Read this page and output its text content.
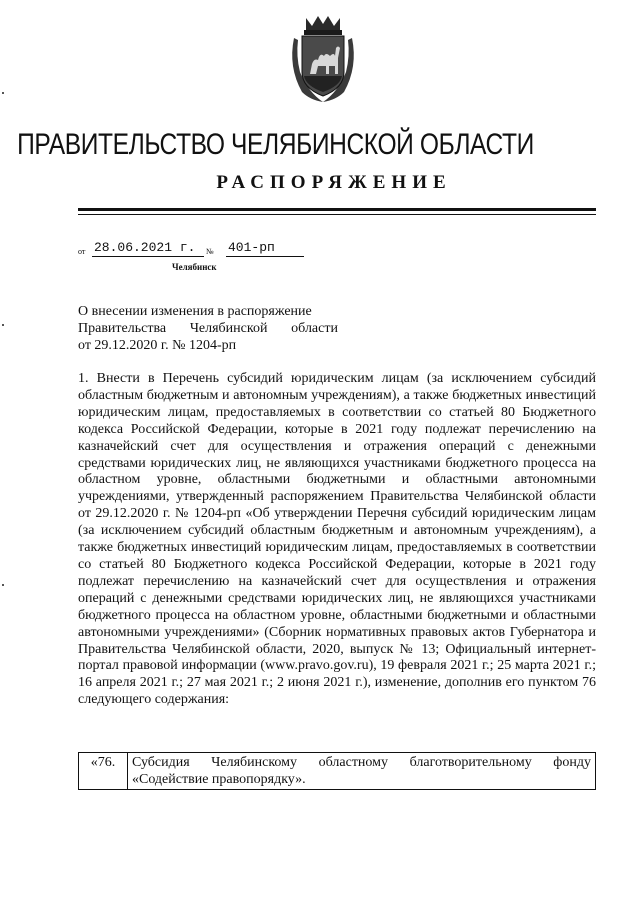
ПРАВИТЕЛЬСТВО ЧЕЛЯБИНСКОЙ ОБЛАСТИ
РАСПОРЯЖЕНИЕ
от 28.06.2021 г.	№ 401-рп
Челябинск
О внесении изменения в распоряжение
Правительства Челябинской области
от 29.12.2020 г. № 1204-рп
1. Внести в Перечень субсидий юридическим лицам (за исключением субсидий областным бюджетным и автономным учреждениям), а также бюджетных инвестиций юридическим лицам, предоставляемых в соответствии со статьей 80 Бюджетного кодекса Российской Федерации, которые в 2021 году подлежат перечислению на казначейский счет для осуществления и отражения операций с денежными средствами юридических лиц, не являющихся участниками бюджетного процесса на областном уровне, областными бюджетными и областными автономными учреждениями, утвержденный распоряжением Правительства Челябинской области от 29.12.2020 г. № 1204-рп «Об утверждении Перечня субсидий юридическим лицам (за исключением субсидий областным бюджетным и автономным учреждениям), а также бюджетных инвестиций юридическим лицам, предоставляемых в соответствии со статьей 80 Бюджетного кодекса Российской Федерации, которые в 2021 году подлежат перечислению на казначейский счет для осуществления и отражения операций с денежными средствами юридических лиц, не являющихся участниками бюджетного процесса на областном уровне, областными бюджетными и областными автономными учреждениями» (Сборник нормативных правовых актов Губернатора и Правительства Челябинской области, 2020, выпуск № 13; Официальный интернет-портал правовой информации (www.pravo.gov.ru), 19 февраля 2021 г.; 25 марта 2021 г.; 16 апреля 2021 г.; 27 мая 2021 г.; 2 июня 2021 г.), изменение, дополнив его пунктом 76 следующего содержания:
«76.	Субсидия Челябинскому областному благотворительному фонду «Содействие правопорядку».
